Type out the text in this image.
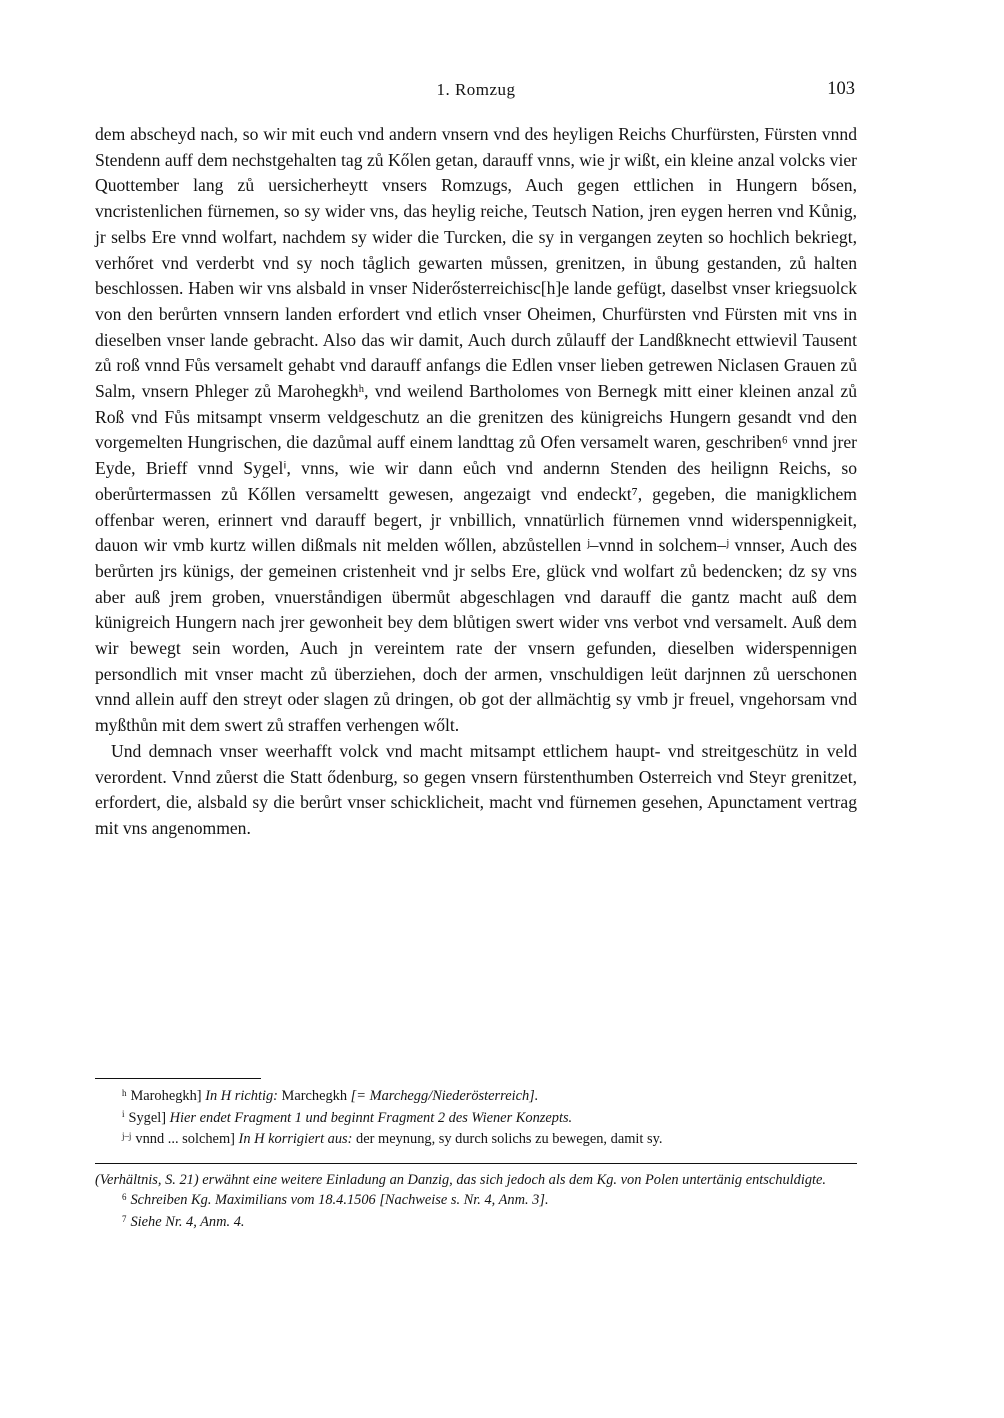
1. Romzug	103

dem abscheyd nach, so wir mit euch vnd andern vnsern vnd des heyligen Reichs Churfürsten, Fürsten vnnd Stendenn auff dem nechstgehalten tag zů Kőlen getan, darauff vnns, wie jr wißt, ein kleine anzal volcks vier Quottember lang zů uersicherheytt vnsers Romzugs, Auch gegen ettlichen in Hungern bősen, vncristenlichen fürnemen, so sy wider vns, das heylig reiche, Teutsch Nation, jren eygen herren vnd Kůnig, jr selbs Ere vnnd wolfart, nachdem sy wider die Turcken, die sy in vergangen zeyten so hochlich bekriegt, verhőret vnd verderbt vnd sy noch tåglich gewarten můssen, grenitzen, in ůbung gestanden, zů halten beschlossen. Haben wir vns alsbald in vnser Niderősterreichisc[h]e lande gefügt, daselbst vnser kriegsuolck von den berůrten vnnsern landen erfordert vnd etlich vnser Oheimen, Churfürsten vnd Fürsten mit vns in dieselben vnser lande gebracht. Also das wir damit, Auch durch zůlauff der Landßknecht ettwievil Tausent zů roß vnnd Fůs versamelt gehabt vnd darauff anfangs die Edlen vnser lieben getrewen Niclasen Grauen zů Salm, vnsern Phleger zů Marohegkhʰ, vnd weilend Bartholomes von Bernegk mitt einer kleinen anzal zů Roß vnd Fůs mitsampt vnserm veldgeschutz an die grenitzen des künigreichs Hungern gesandt vnd den vorgemelten Hungrischen, die dazůmal auff einem landttag zů Ofen versamelt waren, geschriben⁶ vnnd jrer Eyde, Brieff vnnd Sygelⁱ, vnns, wie wir dann eůch vnd andernn Stenden des heilignn Reichs, so oberůrtermassen zů Kőllen versameltt gewesen, angezaigt vnd endeckt⁷, gegeben, die manigklichem offenbar weren, erinnert vnd darauff begert, jr vnbillich, vnnatürlich fürnemen vnnd widerspennigkeit, dauon wir vmb kurtz willen dißmals nit melden wőllen, abzůstellen ʲ–vnnd in solchem–ʲ vnnser, Auch des berůrten jrs künigs, der gemeinen cristenheit vnd jr selbs Ere, glück vnd wolfart zů bedencken; dz sy vns aber auß jrem groben, vnuerståndigen übermůt abgeschlagen vnd darauff die gantz macht auß dem künigreich Hungern nach jrer gewonheit bey dem blůtigen swert wider vns verbot vnd versamelt. Auß dem wir bewegt sein worden, Auch jn vereintem rate der vnsern gefunden, dieselben widerspennigen persondlich mit vnser macht zů überziehen, doch der armen, vnschuldigen leüt darjnnen zů uerschonen vnnd allein auff den streyt oder slagen zů dringen, ob got der allmächtig sy vmb jr freuel, vngehorsam vnd myßthůn mit dem swert zů straffen verhengen wőlt.

Und demnach vnser weerhafft volck vnd macht mitsampt ettlichem haupt- vnd streitgeschütz in veld verordent. Vnnd zůerst die Statt ődenburg, so gegen vnsern fürstenthumben Osterreich vnd Steyr grenitzet, erfordert, die, alsbald sy die berůrt vnser schicklicheit, macht vnd fürnemen gesehen, Apunctament vertrag mit vns angenommen.

$^h$ Marohegkh] In H richtig: Marchegkh [= Marchegg/Niederösterreich].

$^i$ Sygel] Hier endet Fragment 1 und beginnt Fragment 2 des Wiener Konzepts.

$^{j-j}$ vnnd ... solchem] In H korrigiert aus: der meynung, sy durch solichs zu bewegen, damit sy.

(Verhältnis, S. 21) erwähnt eine weitere Einladung an Danzig, das sich jedoch als dem Kg. von Polen untertänig entschuldigte.

$^6$ Schreiben Kg. Maximilians vom 18.4.1506 [Nachweise s. Nr. 4, Anm. 3].

$^7$ Siehe Nr. 4, Anm. 4.
